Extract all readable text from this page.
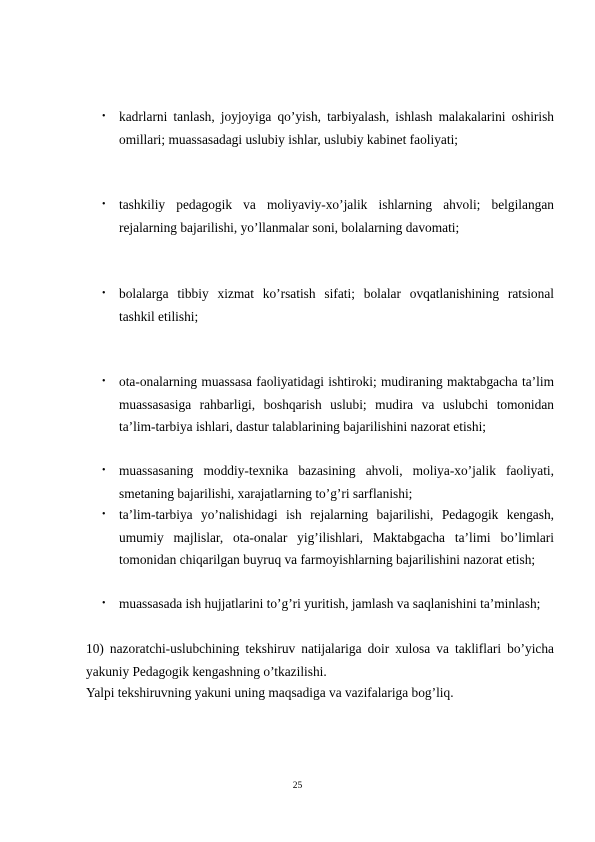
• kadrlarni tanlash, joyjoyiga qo’yish, tarbiyalash, ishlash malakalarini oshirish omillari; muassasadagi uslubiy ishlar, uslubiy kabinet faoliyati;
• tashkiliy pedagogik va moliyaviy-xo’jalik ishlarning ahvoli; belgilangan rejalarning bajarilishi, yo’llanmalar soni, bolalarning davomati;
• bolalarga tibbiy xizmat ko’rsatish sifati; bolalar ovqatlanishining ratsional tashkil etilishi;
• ota-onalarning muassasa faoliyatidagi ishtiroki; mudiraning maktabgacha ta’lim muassasasiga rahbarligi, boshqarish uslubi; mudira va uslubchi tomonidan ta’lim-tarbiya ishlari, dastur talablarining bajarilishini nazorat etishi;
• muassasaning moddiy-texnika bazasining ahvoli, moliya-xo’jalik faoliyati, smetaning bajarilishi, xarajatlarning to’g’ri sarflanishi;
• ta’lim-tarbiya yo’nalishidagi ish rejalarning bajarilishi, Pedagogik kengash, umumiy majlislar, ota-onalar yig’ilishlari, Maktabgacha ta’limi bo’limlari tomonidan chiqarilgan buyruq va farmoyishlarning bajarilishini nazorat etish;
• muassasada ish hujjatlarini to’g’ri yuritish, jamlash va saqlanishini ta’minlash;
10) nazoratchi-uslubchining tekshiruv natijalariga doir xulosa va takliflari bo’yicha yakuniy Pedagogik kengashning o’tkazilishi.
Yalpi tekshiruvning yakuni uning maqsadiga va vazifalariga bog’liq.
25
